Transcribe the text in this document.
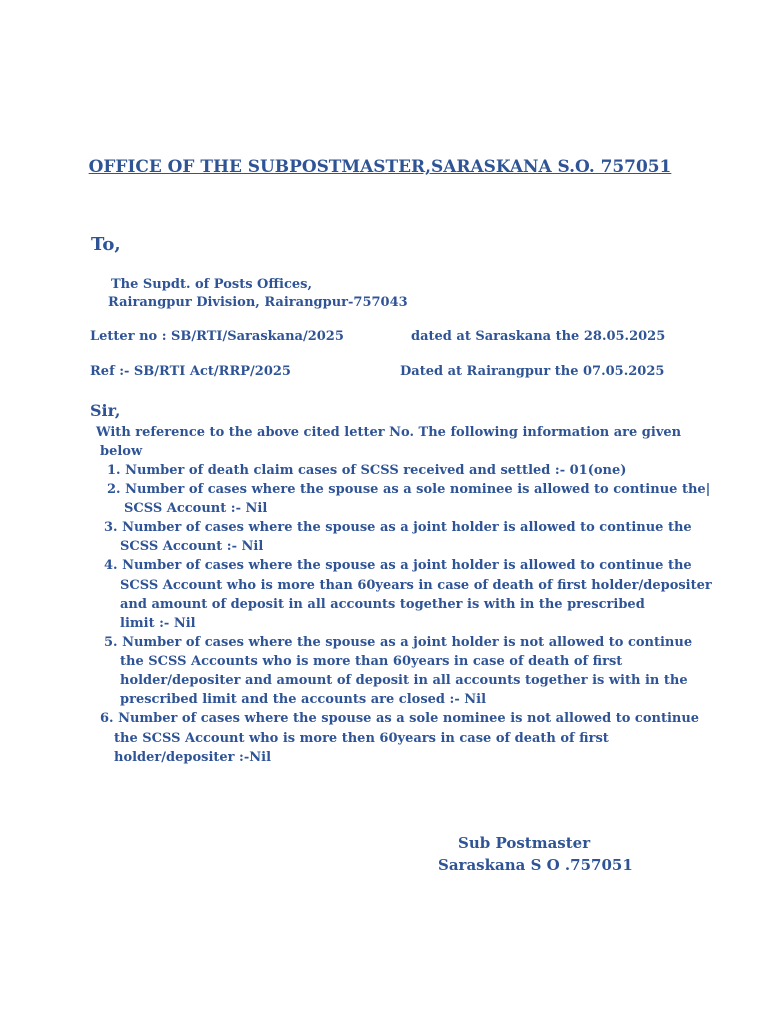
OFFICE OF THE SUBPOSTMASTER,SARASKANA S.O. 757051
To,
The Supdt. of Posts Offices,
Rairangpur Division, Rairangpur-757043
Letter no : SB/RTI/Saraskana/2025	dated at Saraskana the 28.05.2025
Ref :- SB/RTI Act/RRP/2025	Dated at Rairangpur the 07.05.2025
Sir,
With reference to the above cited letter No. The following information are given
below
1. Number of death claim cases of SCSS received and settled :- 01(one)
2. Number of cases where the spouse as a sole nominee is allowed to continue the|
SCSS Account :- Nil
3. Number of cases where the spouse as a joint holder is allowed to continue the
SCSS Account :- Nil
4. Number of cases where the spouse as a joint holder is allowed to continue the
SCSS Account who is more than 60years in case of death of first holder/depositer
and amount of deposit in all accounts together is with in the prescribed
limit :- Nil
5. Number of cases where the spouse as a joint holder is not allowed to continue
the SCSS Accounts who is more than 60years in case of death of first
holder/depositer and amount of deposit in all accounts together is with in the
prescribed limit and the accounts are closed :- Nil
6. Number of cases where the spouse as a sole nominee is not allowed to continue
the SCSS Account who is more then 60years in case of death of first
holder/depositer :-Nil
Sub Postmaster
Saraskana S O .757051
